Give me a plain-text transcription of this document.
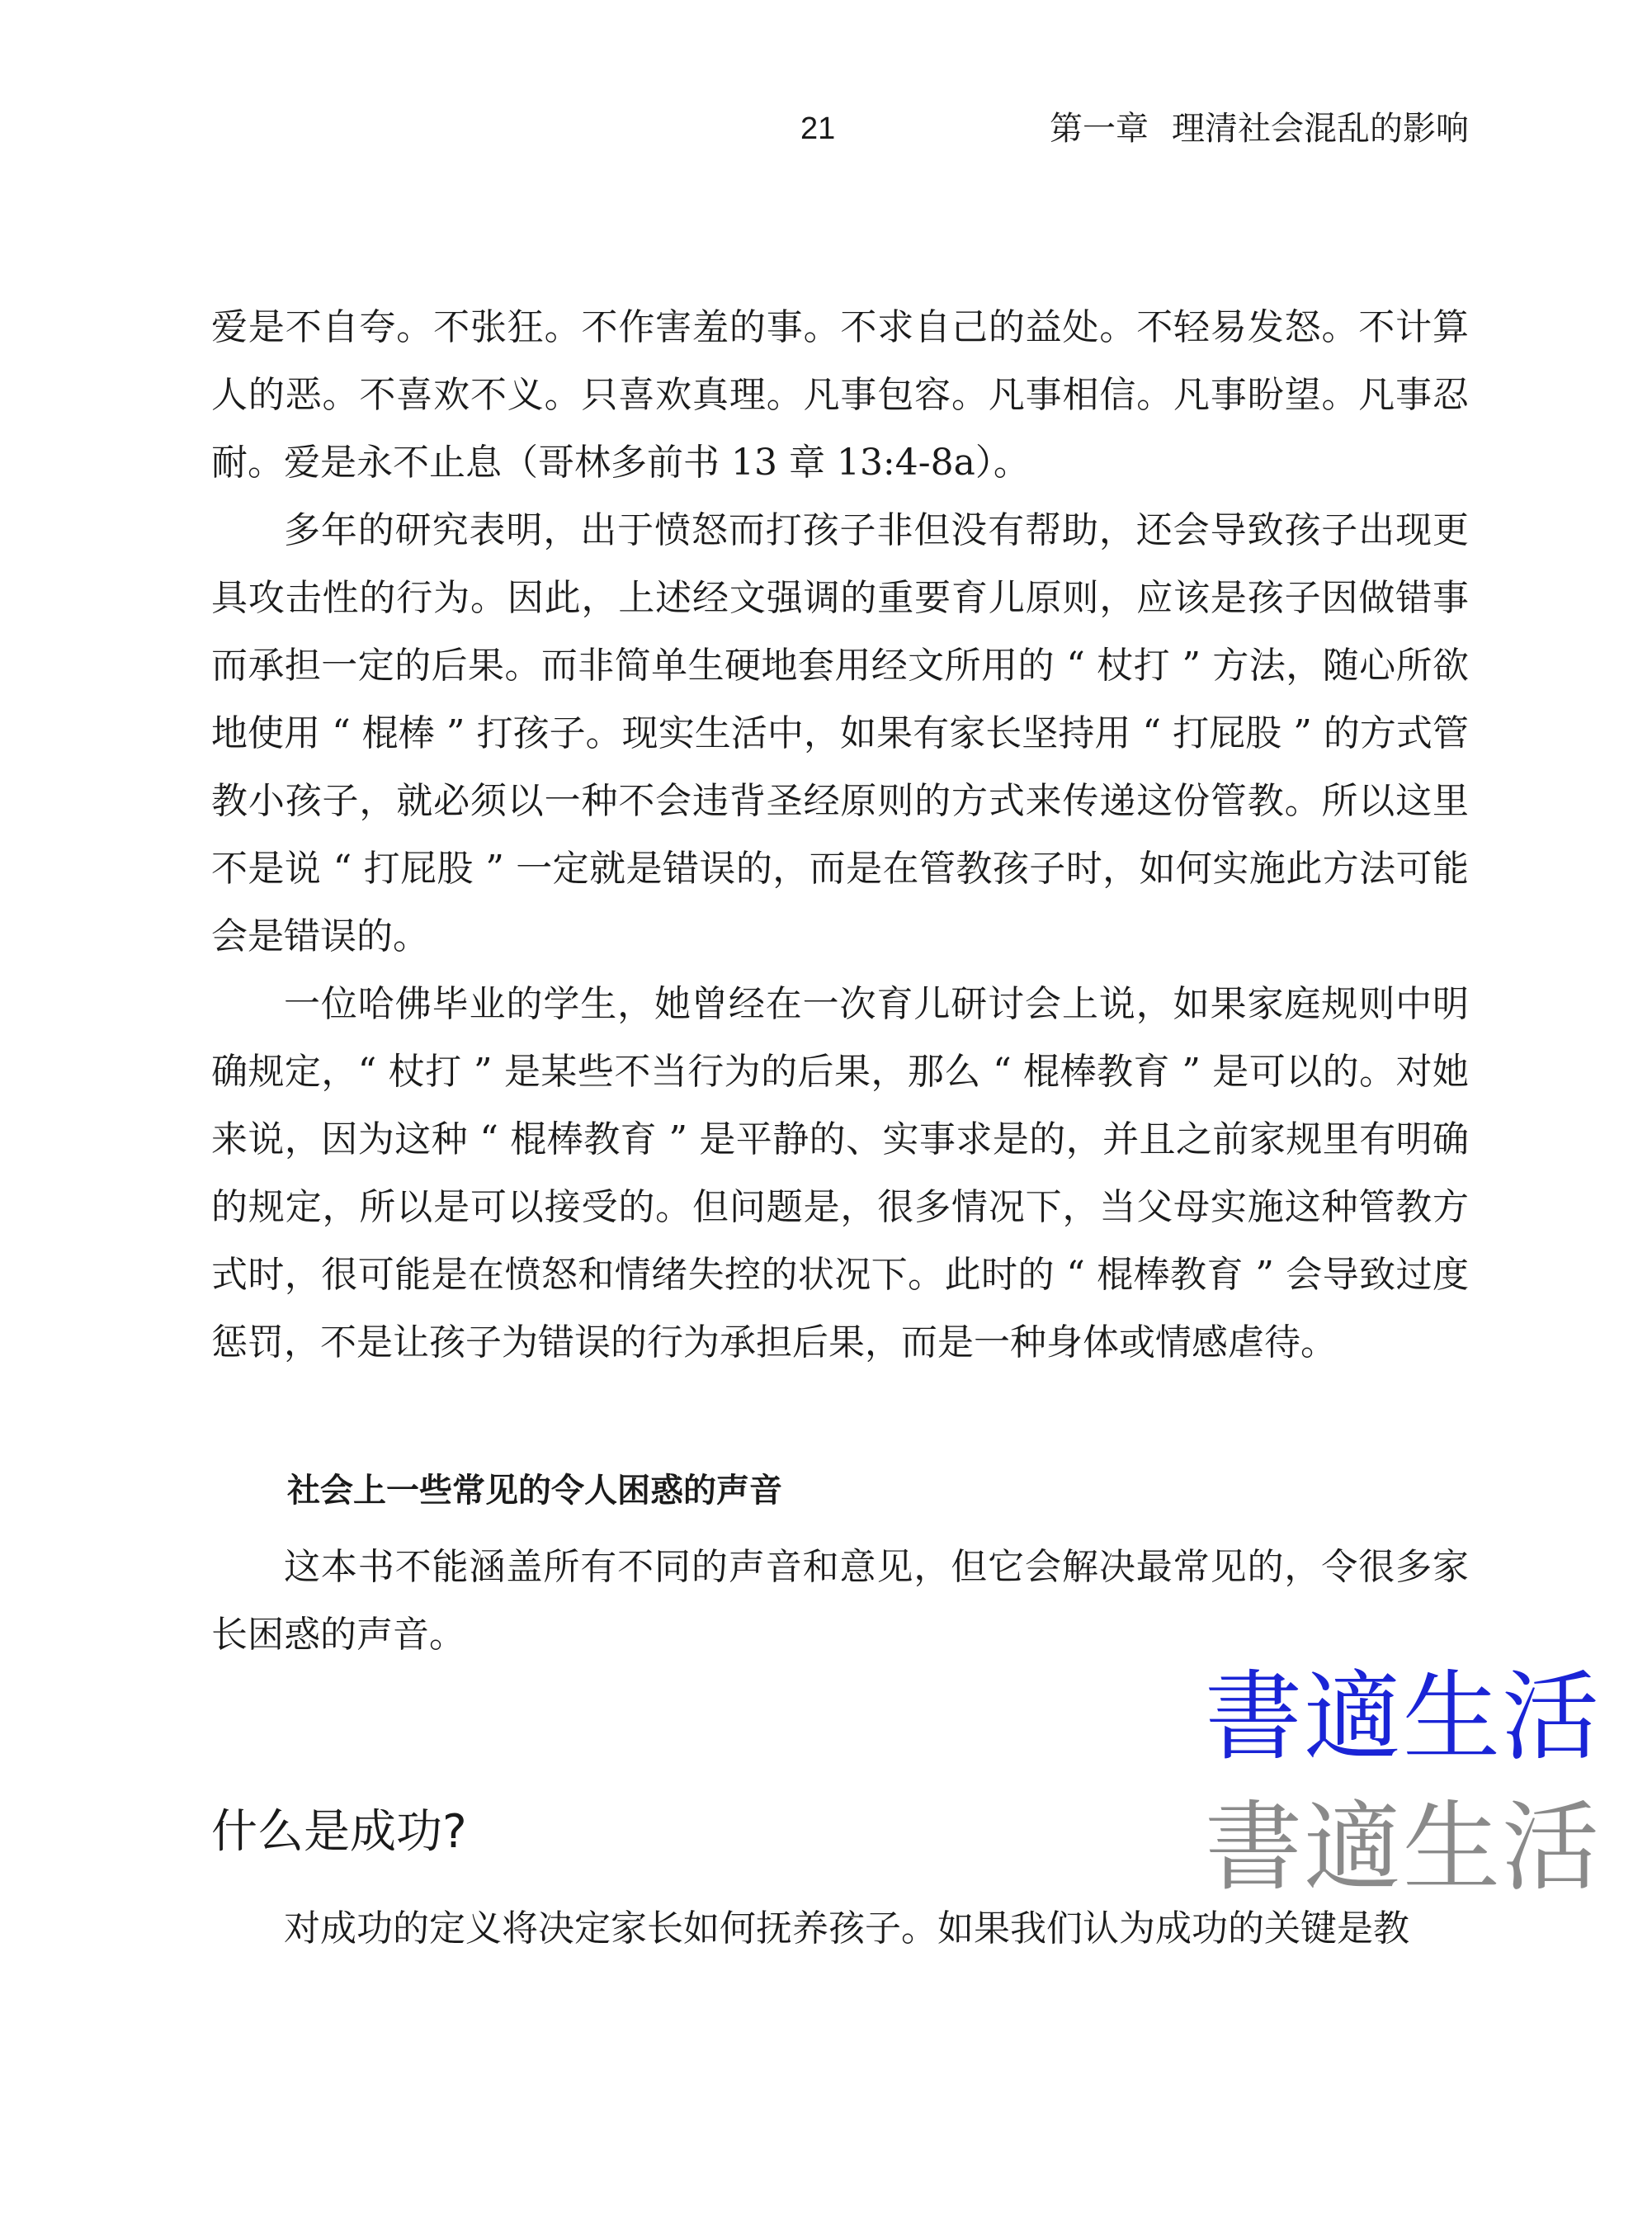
21	第一章 理清社会混乱的影响

爱是不自夸。不张狂。不作害羞的事。不求自己的益处。不轻易发怒。不计算人的恶。不喜欢不义。只喜欢真理。凡事包容。凡事相信。凡事盼望。凡事忍耐。爱是永不止息（哥林多前书 13 章 13:4-8a）。

多年的研究表明，出于愤怒而打孩子非但没有帮助，还会导致孩子出现更具攻击性的行为。因此，上述经文强调的重要育儿原则，应该是孩子因做错事而承担一定的后果。而非简单生硬地套用经文所用的 “ 杖打 ” 方法，随心所欲地使用 “ 棍棒 ” 打孩子。现实生活中，如果有家长坚持用 “ 打屁股 ” 的方式管教小孩子，就必须以一种不会违背圣经原则的方式来传递这份管教。所以这里不是说 “ 打屁股 ” 一定就是错误的，而是在管教孩子时，如何实施此方法可能会是错误的。

一位哈佛毕业的学生，她曾经在一次育儿研讨会上说，如果家庭规则中明确规定，“ 杖打 ” 是某些不当行为的后果，那么 “ 棍棒教育 ” 是可以的。对她来说，因为这种 “ 棍棒教育 ” 是平静的、实事求是的，并且之前家规里有明确的规定，所以是可以接受的。但问题是，很多情况下，当父母实施这种管教方式时，很可能是在愤怒和情绪失控的状况下。此时的 “ 棍棒教育 ” 会导致过度惩罚，不是让孩子为错误的行为承担后果，而是一种身体或情感虐待。

社会上一些常见的令人困惑的声音

这本书不能涵盖所有不同的声音和意见，但它会解决最常见的，令很多家长困惑的声音。

書適生活
書適生活
什么是成功?

对成功的定义将决定家长如何抚养孩子。如果我们认为成功的关键是教
